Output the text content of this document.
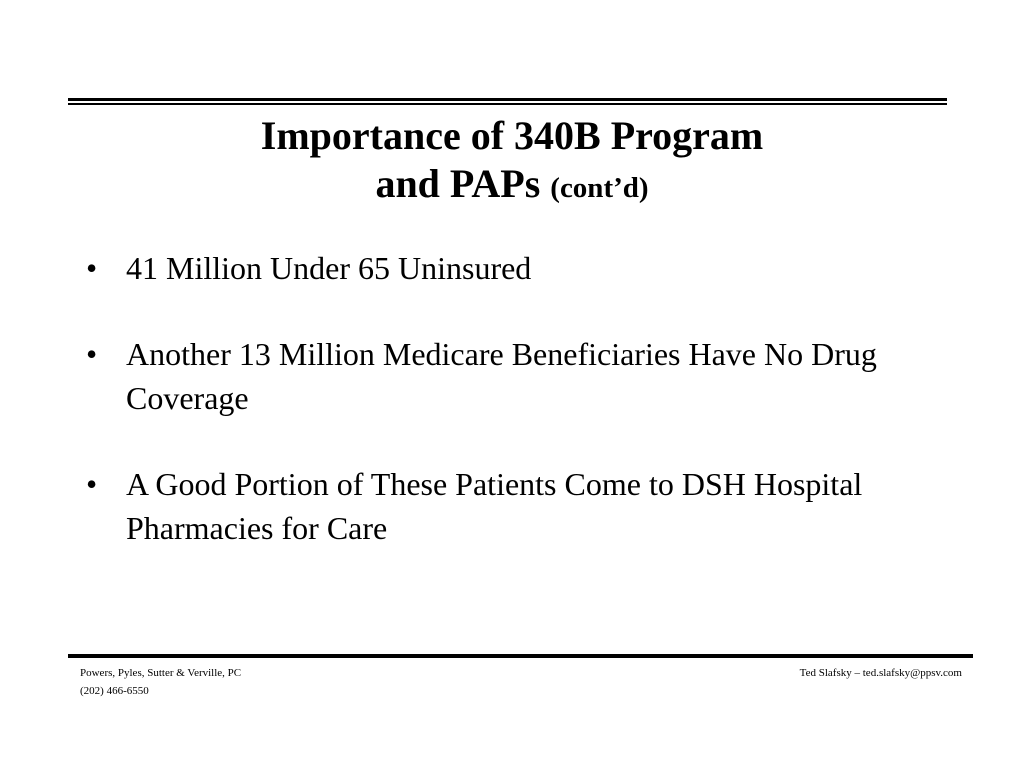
Importance of 340B Program
and PAPs (cont’d)
• 41 Million Under 65 Uninsured
• Another 13 Million Medicare Beneficiaries Have No Drug Coverage
• A Good Portion of These Patients Come to DSH Hospital Pharmacies for Care
Powers, Pyles, Sutter & Verville, PC
(202) 466-6550
Ted Slafsky – ted.slafsky@ppsv.com
